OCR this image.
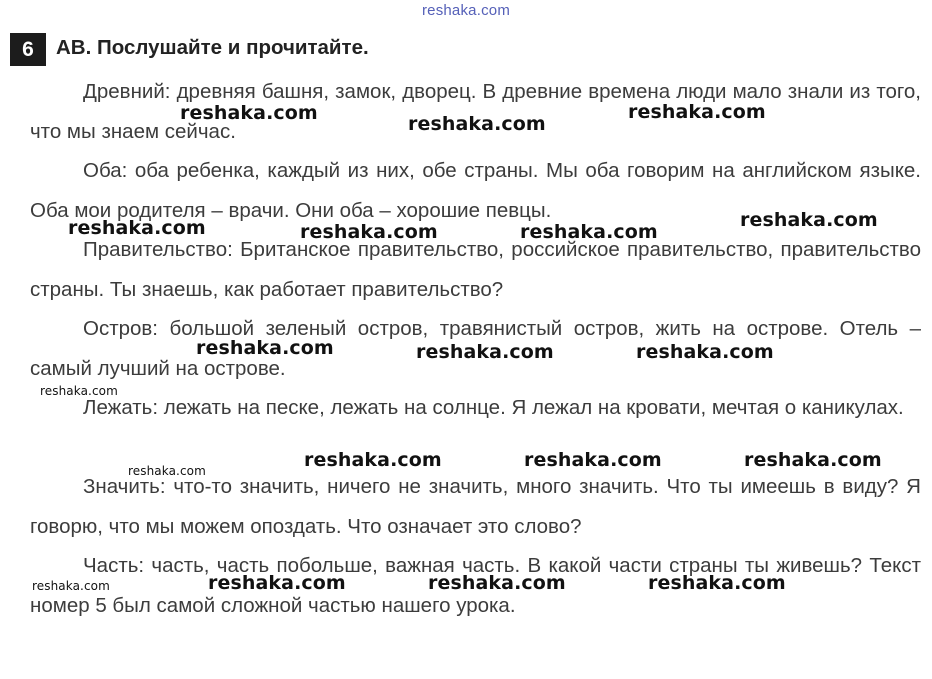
reshaka.com
6	AB. Послушайте и прочитайте.

Древний: древняя башня, замок, дворец. В древние времена люди мало знали из того, что мы знаем сейчас.

Оба: оба ребенка, каждый из них, обе страны. Мы оба говорим на английском языке. Оба мои родителя – врачи. Они оба – хорошие певцы.

Правительство: Британское правительство, российское правительство, правительство страны. Ты знаешь, как работает правительство?

Остров: большой зеленый остров, травянистый остров, жить на острове. Отель – самый лучший на острове.

Лежать: лежать на песке, лежать на солнце. Я лежал на кровати, мечтая о каникулах.

Значить: что-то значить, ничего не значить, много значить. Что ты имеешь в виду? Я говорю, что мы можем опоздать. Что означает это слово?

Часть: часть, часть побольше, важная часть. В какой части страны ты живешь? Текст номер 5 был самой сложной частью нашего урока.

reshaka.com	reshaka.com
reshaka.com
reshaka.com	reshaka.com	reshaka.com
reshaka.com
reshaka.com	reshaka.com	reshaka.com
reshaka.com
reshaka.com	reshaka.com	reshaka.com	reshaka.com
reshaka.com	reshaka.com	reshaka.com	reshaka.com
